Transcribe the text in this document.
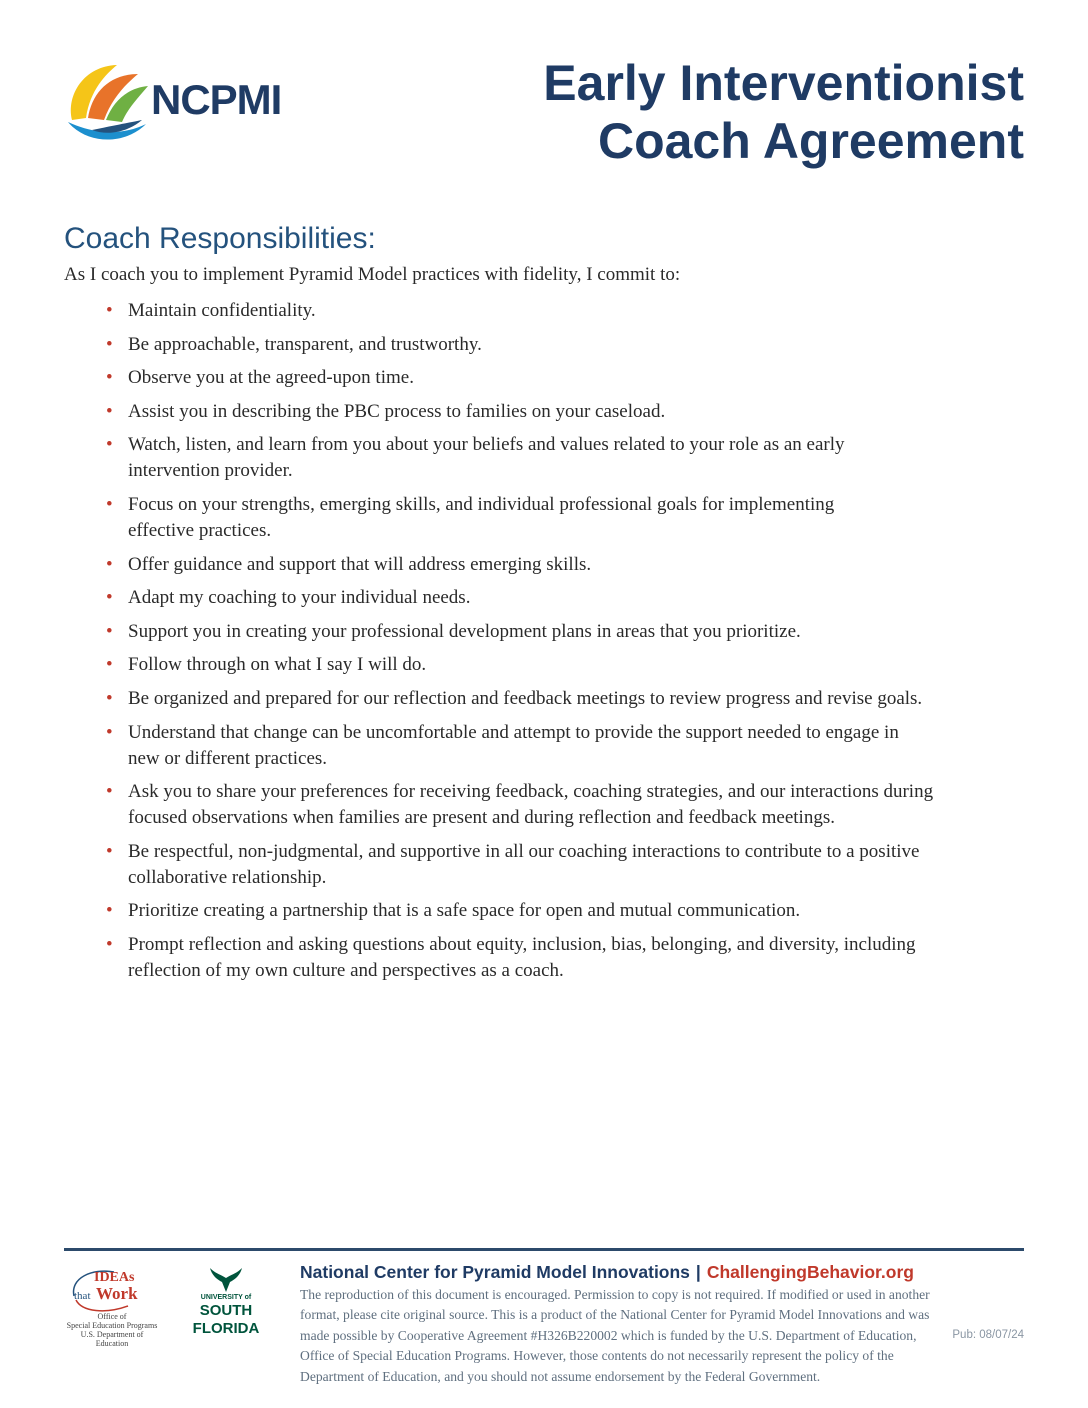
NCPMI	Early Interventionist
Coach Agreement
Coach Responsibilities:
As I coach you to implement Pyramid Model practices with fidelity, I commit to:
• Maintain confidentiality.
• Be approachable, transparent, and trustworthy.
• Observe you at the agreed-upon time.
• Assist you in describing the PBC process to families on your caseload.
• Watch, listen, and learn from you about your beliefs and values related to your role as an early
intervention provider.
• Focus on your strengths, emerging skills, and individual professional goals for implementing
effective practices.
• Offer guidance and support that will address emerging skills.
• Adapt my coaching to your individual needs.
• Support you in creating your professional development plans in areas that you prioritize.
• Follow through on what I say I will do.
• Be organized and prepared for our reflection and feedback meetings to review progress and revise goals.
• Understand that change can be uncomfortable and attempt to provide the support needed to engage in
new or different practices.
• Ask you to share your preferences for receiving feedback, coaching strategies, and our interactions during
focused observations when families are present and during reflection and feedback meetings.
• Be respectful, non-judgmental, and supportive in all our coaching interactions to contribute to a positive
collaborative relationship.
• Prioritize creating a partnership that is a safe space for open and mutual communication.
• Prompt reflection and asking questions about equity, inclusion, bias, belonging, and diversity, including
reflection of my own culture and perspectives as a coach.
IDEAs
that Work
Office of
Special Education Programs
U.S. Department of Education
UNIVERSITY of
SOUTH
FLORIDA
National Center for Pyramid Model Innovations | ChallengingBehavior.org
The reproduction of this document is encouraged. Permission to copy is not required. If modified or used in another
format, please cite original source. This is a product of the National Center for Pyramid Model Innovations and was
made possible by Cooperative Agreement #H326B220002 which is funded by the U.S. Department of Education,
Office of Special Education Programs. However, those contents do not necessarily represent the policy of the
Department of Education, and you should not assume endorsement by the Federal Government.
Pub: 08/07/24
